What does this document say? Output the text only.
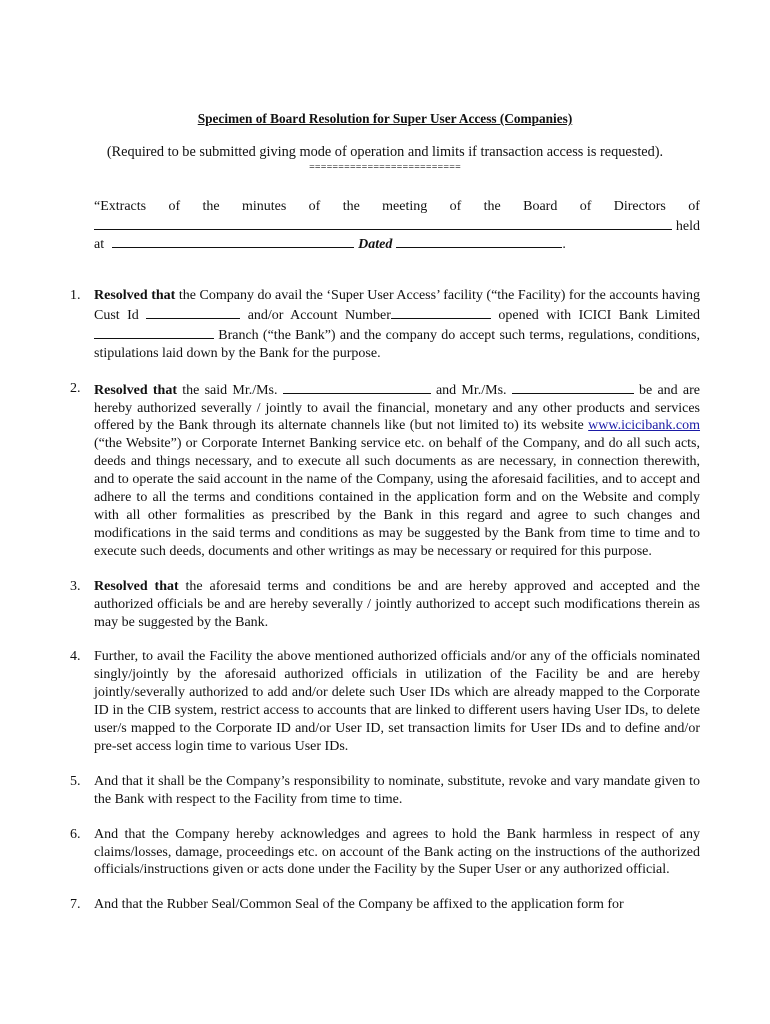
Specimen of Board Resolution for Super User Access (Companies)

(Required to be submitted giving mode of operation and limits if transaction access is requested).

==========================
“Extracts of the minutes of the meeting of the Board of Directors of
held
at	Dated	.
1. Resolved that the Company do avail the ‘Super User Access’ facility (“the Facility) for the accounts having Cust Id	and/or Account Number	opened with ICICI Bank Limited  Branch (“the Bank”) and the company do accept such terms, regulations, conditions, stipulations laid down by the Bank for the purpose.
2. Resolved that the said Mr./Ms.	and Mr./Ms.	be and are hereby authorized severally / jointly to avail the financial, monetary and any other products and services offered by the Bank through its alternate channels like (but not limited to) its website www.icicibank.com (“the Website”) or Corporate Internet Banking service etc. on behalf of the Company, and do all such acts, deeds and things necessary, and to execute all such documents as are necessary, in connection therewith, and to operate the said account in the name of the Company, using the aforesaid facilities, and to accept and adhere to all the terms and conditions contained in the application form and on the Website and comply with all other formalities as prescribed by the Bank in this regard and agree to such changes and modifications in the said terms and conditions as may be suggested by the Bank from time to time and to execute such deeds, documents and other writings as may be necessary or required for this purpose.
3. Resolved that the aforesaid terms and conditions be and are hereby approved and accepted and the authorized officials be and are hereby severally / jointly authorized to accept such modifications therein as may be suggested by the Bank.
4. Further, to avail the Facility the above mentioned authorized officials and/or any of the officials nominated singly/jointly by the aforesaid authorized officials in utilization of the Facility be and are hereby jointly/severally authorized to add and/or delete such User IDs which are already mapped to the Corporate ID in the CIB system, restrict access to accounts that are linked to different users having User IDs, to delete user/s mapped to the Corporate ID and/or User ID, set transaction limits for User IDs and to define and/or pre-set access login time to various User IDs.
5. And that it shall be the Company’s responsibility to nominate, substitute, revoke and vary mandate given to the Bank with respect to the Facility from time to time.
6. And that the Company hereby acknowledges and agrees to hold the Bank harmless in respect of any claims/losses, damage, proceedings etc. on account of the Bank acting on the instructions of the authorized officials/instructions given or acts done under the Facility by the Super User or any authorized official.
7. And that the Rubber Seal/Common Seal of the Company be affixed to the application form for
